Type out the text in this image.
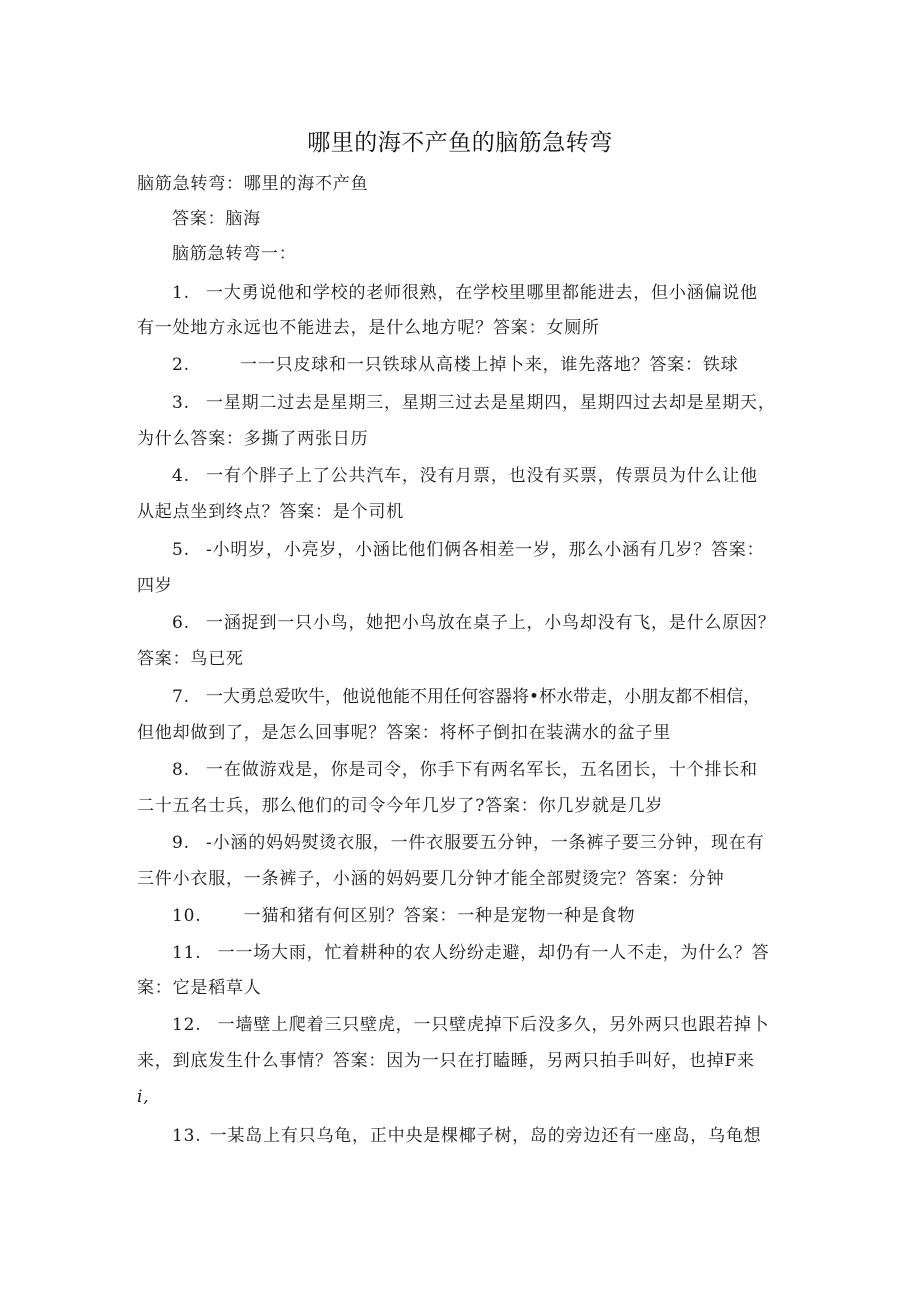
哪里的海不产鱼的脑筋急转弯
脑筋急转弯：哪里的海不产鱼
答案：脑海
脑筋急转弯一：
1. 一大勇说他和学校的老师很熟，在学校里哪里都能进去，但小涵偏说他
有一处地方永远也不能进去，是什么地方呢？答案：女厕所
2.	一一只皮球和一只铁球从高楼上掉卜来，谁先落地？答案：铁球
3. 一星期二过去是星期三，星期三过去是星期四，星期四过去却是星期天，
为什么答案：多撕了两张日历
4. 一有个胖子上了公共汽车，没有月票，也没有买票，传票员为什么让他
从起点坐到终点？答案：是个司机
5. -小明岁，小亮岁，小涵比他们俩各相差一岁，那么小涵有几岁？答案：
四岁
6. 一涵捉到一只小鸟，她把小鸟放在桌子上，小鸟却没有飞，是什么原因？
答案：鸟已死
7. 一大勇总爱吹牛，他说他能不用任何容器将•杯水带走，小朋友都不相信，
但他却做到了，是怎么回事呢？答案：将杯子倒扣在装满水的盆子里
8. 一在做游戏是，你是司令，你手下有两名军长，五名团长，十个排长和
二十五名士兵，那么他们的司令今年几岁了?答案：你几岁就是几岁
9. -小涵的妈妈熨烫衣服，一件衣服要五分钟，一条裤子要三分钟，现在有
三件小衣服，一条裤子，小涵的妈妈要几分钟才能全部熨烫完？答案：分钟
10. 一猫和猪有何区别？答案：一种是宠物一种是食物
11. 一一场大雨，忙着耕种的农人纷纷走避，却仍有一人不走，为什么？答
案：它是稻草人
12. 一墙壁上爬着三只壁虎，一只壁虎掉下后没多久，另外两只也跟若掉卜
来，到底发生什么事情？答案：因为一只在打瞌睡，另两只拍手叫好，也掉F来
i,
13. 一某岛上有只乌龟，正中央是棵椰子树，岛的旁边还有一座岛，乌龟想
